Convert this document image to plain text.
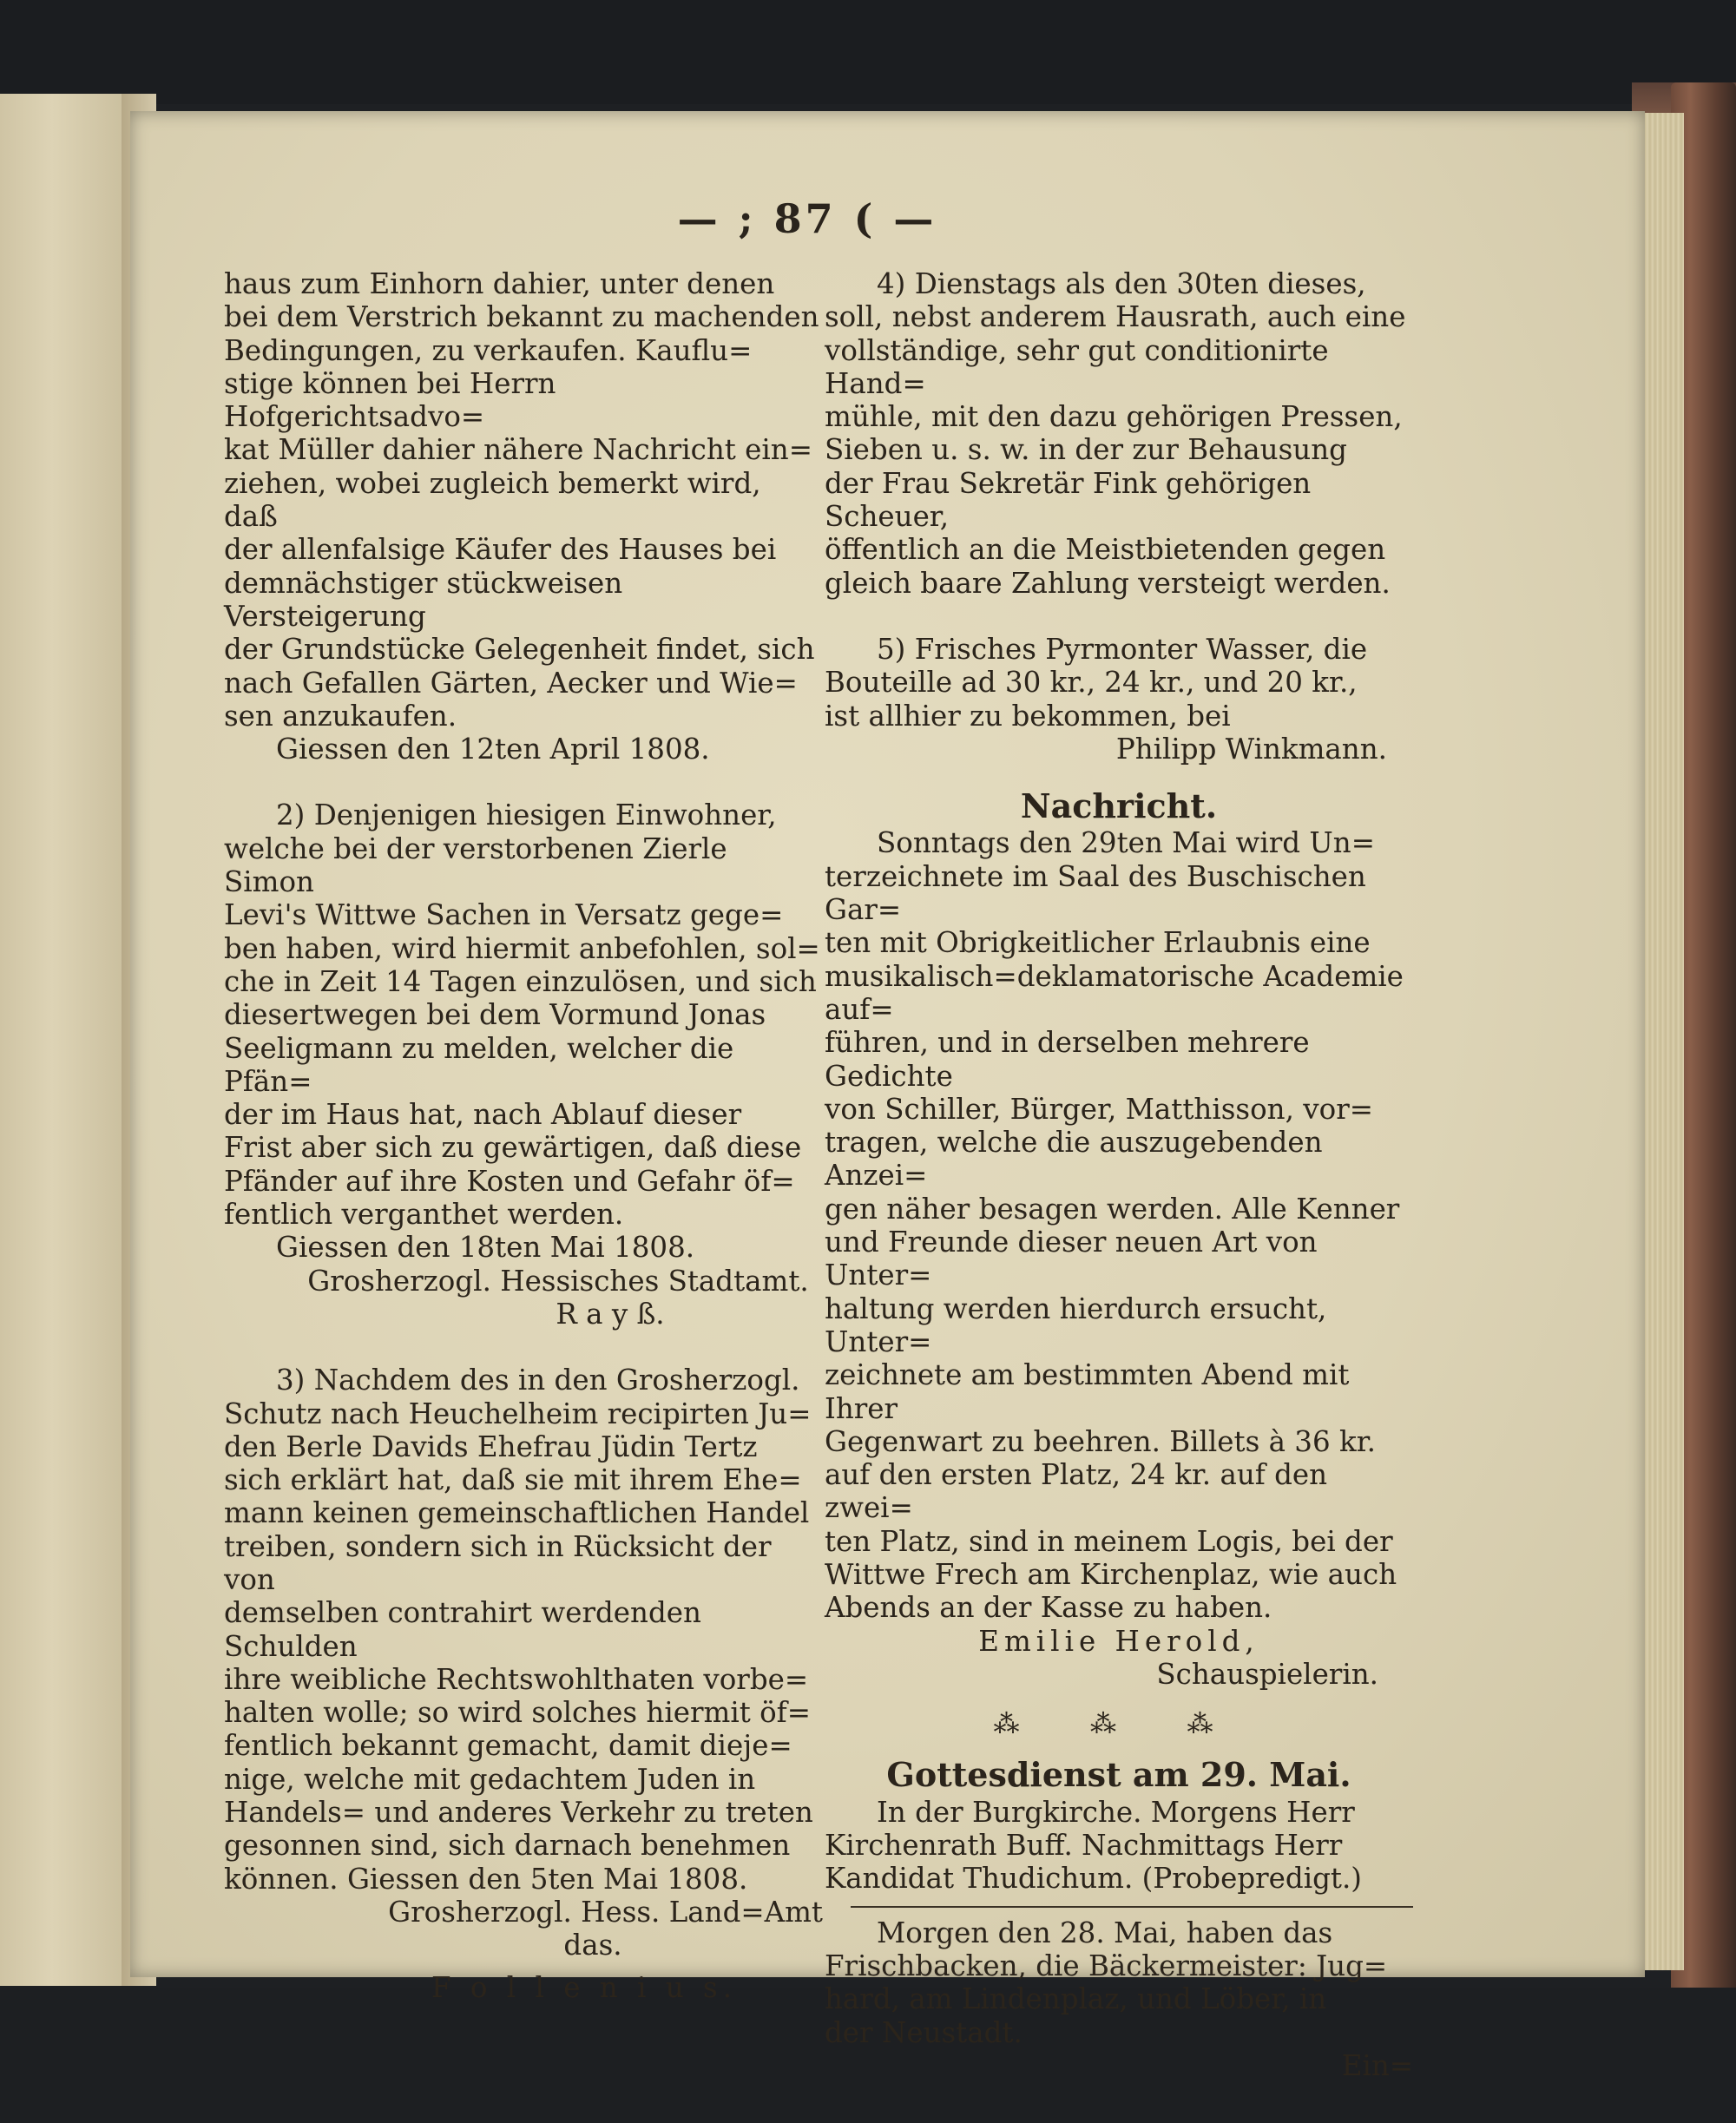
— ; 87 ( —

haus zum Einhorn dahier, unter denen

bei dem Verstrich bekannt zu machenden

Bedingungen, zu verkaufen. Kauflu=

stige können bei Herrn Hofgerichtsadvo=

kat Müller dahier nähere Nachricht ein=

ziehen, wobei zugleich bemerkt wird, daß

der allenfalsige Käufer des Hauses bei

demnächstiger stückweisen Versteigerung

der Grundstücke Gelegenheit findet, sich

nach Gefallen Gärten, Aecker und Wie=

sen anzukaufen.

Giessen den 12ten April 1808.

2) Denjenigen hiesigen Einwohner,

welche bei der verstorbenen Zierle Simon

Levi's Wittwe Sachen in Versatz gege=

ben haben, wird hiermit anbefohlen, sol=

che in Zeit 14 Tagen einzulösen, und sich

diesertwegen bei dem Vormund Jonas

Seeligmann zu melden, welcher die Pfän=

der im Haus hat, nach Ablauf dieser

Frist aber sich zu gewärtigen, daß diese

Pfänder auf ihre Kosten und Gefahr öf=

fentlich verganthet werden.

Giessen den 18ten Mai 1808.

Grosherzogl. Hessisches Stadtamt.

R a y ß.

3) Nachdem des in den Grosherzogl.

Schutz nach Heuchelheim recipirten Ju=

den Berle Davids Ehefrau Jüdin Tertz

sich erklärt hat, daß sie mit ihrem Ehe=

mann keinen gemeinschaftlichen Handel

treiben, sondern sich in Rücksicht der von

demselben contrahirt werdenden Schulden

ihre weibliche Rechtswohlthaten vorbe=

halten wolle; so wird solches hiermit öf=

fentlich bekannt gemacht, damit dieje=

nige, welche mit gedachtem Juden in

Handels= und anderes Verkehr zu treten

gesonnen sind, sich darnach benehmen

können. Giessen den 5ten Mai 1808.

Grosherzogl. Hess. Land=Amt

das.

F o l l e n i u s.

4) Dienstags als den 30ten dieses,

soll, nebst anderem Hausrath, auch eine

vollständige, sehr gut conditionirte Hand=

mühle, mit den dazu gehörigen Pressen,

Sieben u. s. w. in der zur Behausung

der Frau Sekretär Fink gehörigen Scheuer,

öffentlich an die Meistbietenden gegen

gleich baare Zahlung versteigt werden.

5) Frisches Pyrmonter Wasser, die

Bouteille ad 30 kr., 24 kr., und 20 kr.,

ist allhier zu bekommen, bei

Philipp Winkmann.

Nachricht.

Sonntags den 29ten Mai wird Un=

terzeichnete im Saal des Buschischen Gar=

ten mit Obrigkeitlicher Erlaubnis eine

musikalisch=deklamatorische Academie auf=

führen, und in derselben mehrere Gedichte

von Schiller, Bürger, Matthisson, vor=

tragen, welche die auszugebenden Anzei=

gen näher besagen werden. Alle Kenner

und Freunde dieser neuen Art von Unter=

haltung werden hierdurch ersucht, Unter=

zeichnete am bestimmten Abend mit Ihrer

Gegenwart zu beehren. Billets à 36 kr.

auf den ersten Platz, 24 kr. auf den zwei=

ten Platz, sind in meinem Logis, bei der

Wittwe Frech am Kirchenplaz, wie auch

Abends an der Kasse zu haben.

Emilie Herold,

Schauspielerin.

⁂ ⁂ ⁂
Gottesdienst am 29. Mai.

In der Burgkirche. Morgens Herr

Kirchenrath Buff. Nachmittags Herr

Kandidat Thudichum. (Probepredigt.)

Morgen den 28. Mai, haben das

Frischbacken, die Bäckermeister: Jug=

hard, am Lindenplaz, und Löber, in

der Neustadt.

Ein=
